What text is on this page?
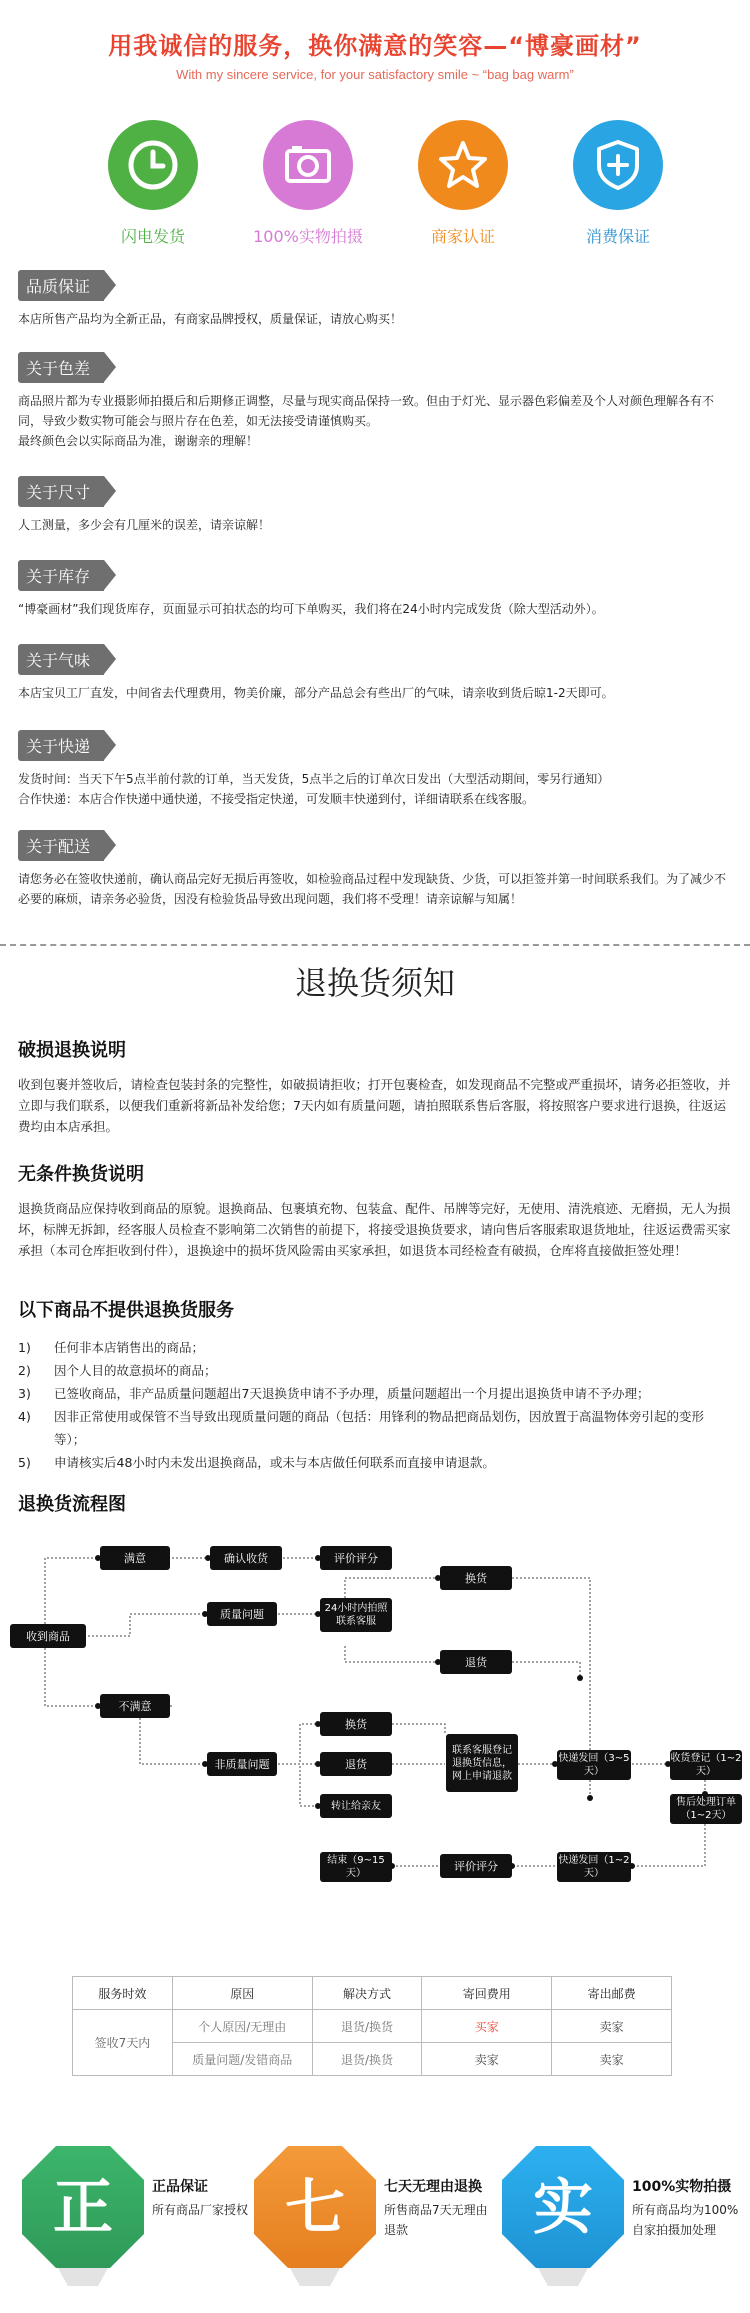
用我诚信的服务，换你满意的笑容—“博豪画材”
With my sincere service, for your satisfactory smile ~ “bag bag warm”
闪电发货	100%实物拍摄	商家认证	消费保证
品质保证

本店所售产品均为全新正品，有商家品牌授权，质量保证，请放心购买！

关于色差

商品照片都为专业摄影师拍摄后和后期修正调整，尽量与现实商品保持一致。但由于灯光、显示器色彩偏差及个人对颜色理解各有不同，导致少数实物可能会与照片存在色差，如无法接受请谨慎购买。

最终颜色会以实际商品为准，谢谢亲的理解！

关于尺寸

人工测量，多少会有几厘米的误差，请亲谅解！

关于库存

“博豪画材”我们现货库存，页面显示可拍状态的均可下单购买，我们将在24小时内完成发货（除大型活动外）。

关于气味

本店宝贝工厂直发，中间省去代理费用，物美价廉，部分产品总会有些出厂的气味，请亲收到货后晾1-2天即可。

关于快递

发货时间：当天下午5点半前付款的订单，当天发货，5点半之后的订单次日发出（大型活动期间，零另行通知）

合作快递：本店合作快递中通快递，不接受指定快递，可发顺丰快递到付，详细请联系在线客服。

关于配送

请您务必在签收快递前，确认商品完好无损后再签收，如检验商品过程中发现缺货、少货，可以拒签并第一时间联系我们。为了减少不必要的麻烦，请亲务必验货，因没有检验货品导致出现问题，我们将不受理！请亲谅解与知属！

退换货须知
破损退换说明
收到包裹并签收后，请检查包装封条的完整性，如破损请拒收；打开包裹检查，如发现商品不完整或严重损坏，请务必拒签收，并立即与我们联系，以便我们重新将新品补发给您；7天内如有质量问题，请拍照联系售后客服，将按照客户要求进行退换，往返运费均由本店承担。
无条件换货说明
退换货商品应保持收到商品的原貌。退换商品、包裹填充物、包装盒、配件、吊牌等完好，无使用、清洗痕迹、无磨损，无人为损坏，标牌无拆卸，经客服人员检查不影响第二次销售的前提下，将接受退换货要求，请向售后客服索取退货地址，往返运费需买家承担（本司仓库拒收到付件），退换途中的损坏货风险需由买家承担，如退货本司经检查有破损，仓库将直接做拒签处理！
以下商品不提供退换货服务
1)	任何非本店销售出的商品；
2)	因个人目的故意损坏的商品；
3)	已签收商品，非产品质量问题超出7天退换货申请不予办理，质量问题超出一个月提出退换货申请不予办理；
4)	因非正常使用或保管不当导致出现质量问题的商品（包括：用锋利的物品把商品划伤，因放置于高温物体旁引起的变形等）；
5)	申请核实后48小时内未发出退换商品，或未与本店做任何联系而直接申请退款。
退换货流程图
收到商品
满意	确认收货	评价评分
质量问题	24小时内拍照联系客服
换货
退货
不满意
非质量问题
换货
退货
转让给亲友
联系客服登记退换货信息，网上申请退款
快递发回（3~5天）
收货登记（1~2天）
售后处理订单（1~2天）
快递发回（1~2天）
评价评分
结束（9~15天）
服务时效	原因	解决方式	寄回费用	寄出邮费
签收7天内	个人原因/无理由	退货/换货	买家	卖家
	质量问题/发错商品	退货/换货	卖家	卖家
正	正品保证
所有商品厂家授权 七	七天无理由退换
所售商品7天无理由退款	实	100%实物拍摄
所有商品均为100%自家拍摄加处理
